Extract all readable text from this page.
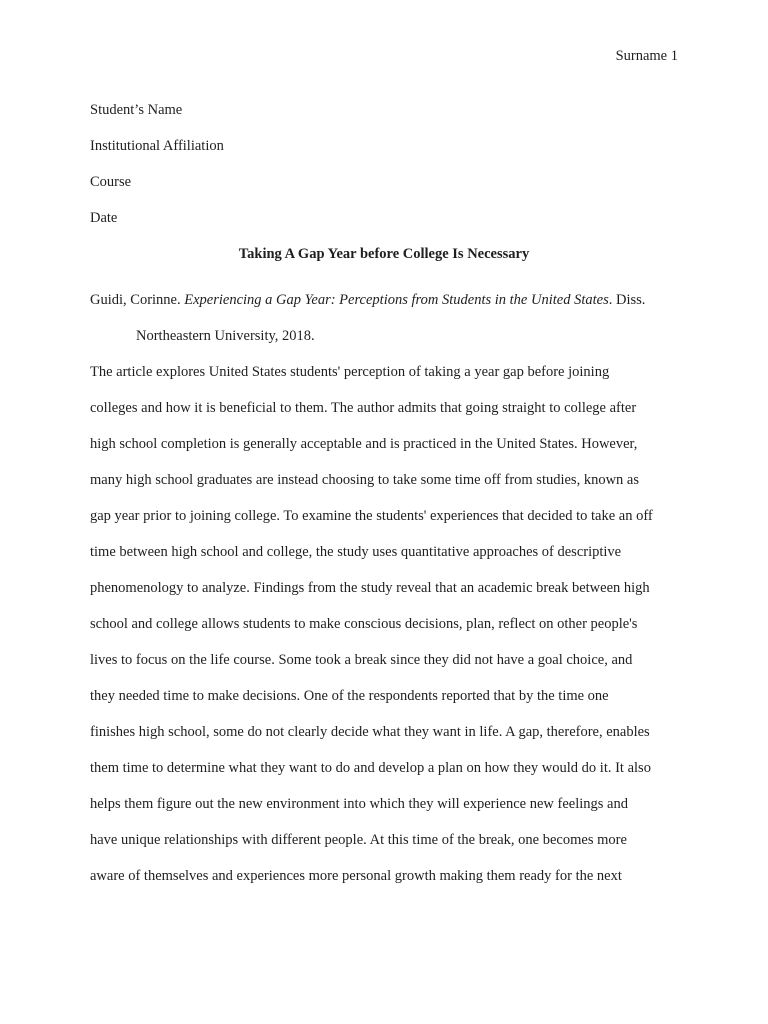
Surname 1

Student’s Name

Institutional Affiliation

Course

Date

Taking A Gap Year before College Is Necessary

Guidi, Corinne. Experiencing a Gap Year: Perceptions from Students in the United States. Diss.

Northeastern University, 2018.

The article explores United States students' perception of taking a year gap before joining

colleges and how it is beneficial to them. The author admits that going straight to college after

high school completion is generally acceptable and is practiced in the United States. However,

many high school graduates are instead choosing to take some time off from studies, known as

gap year prior to joining college. To examine the students' experiences that decided to take an off

time between high school and college, the study uses quantitative approaches of descriptive

phenomenology to analyze. Findings from the study reveal that an academic break between high

school and college allows students to make conscious decisions, plan, reflect on other people's

lives to focus on the life course. Some took a break since they did not have a goal choice, and

they needed time to make decisions. One of the respondents reported that by the time one

finishes high school, some do not clearly decide what they want in life. A gap, therefore, enables

them time to determine what they want to do and develop a plan on how they would do it. It also

helps them figure out the new environment into which they will experience new feelings and

have unique relationships with different people. At this time of the break, one becomes more

aware of themselves and experiences more personal growth making them ready for the next
